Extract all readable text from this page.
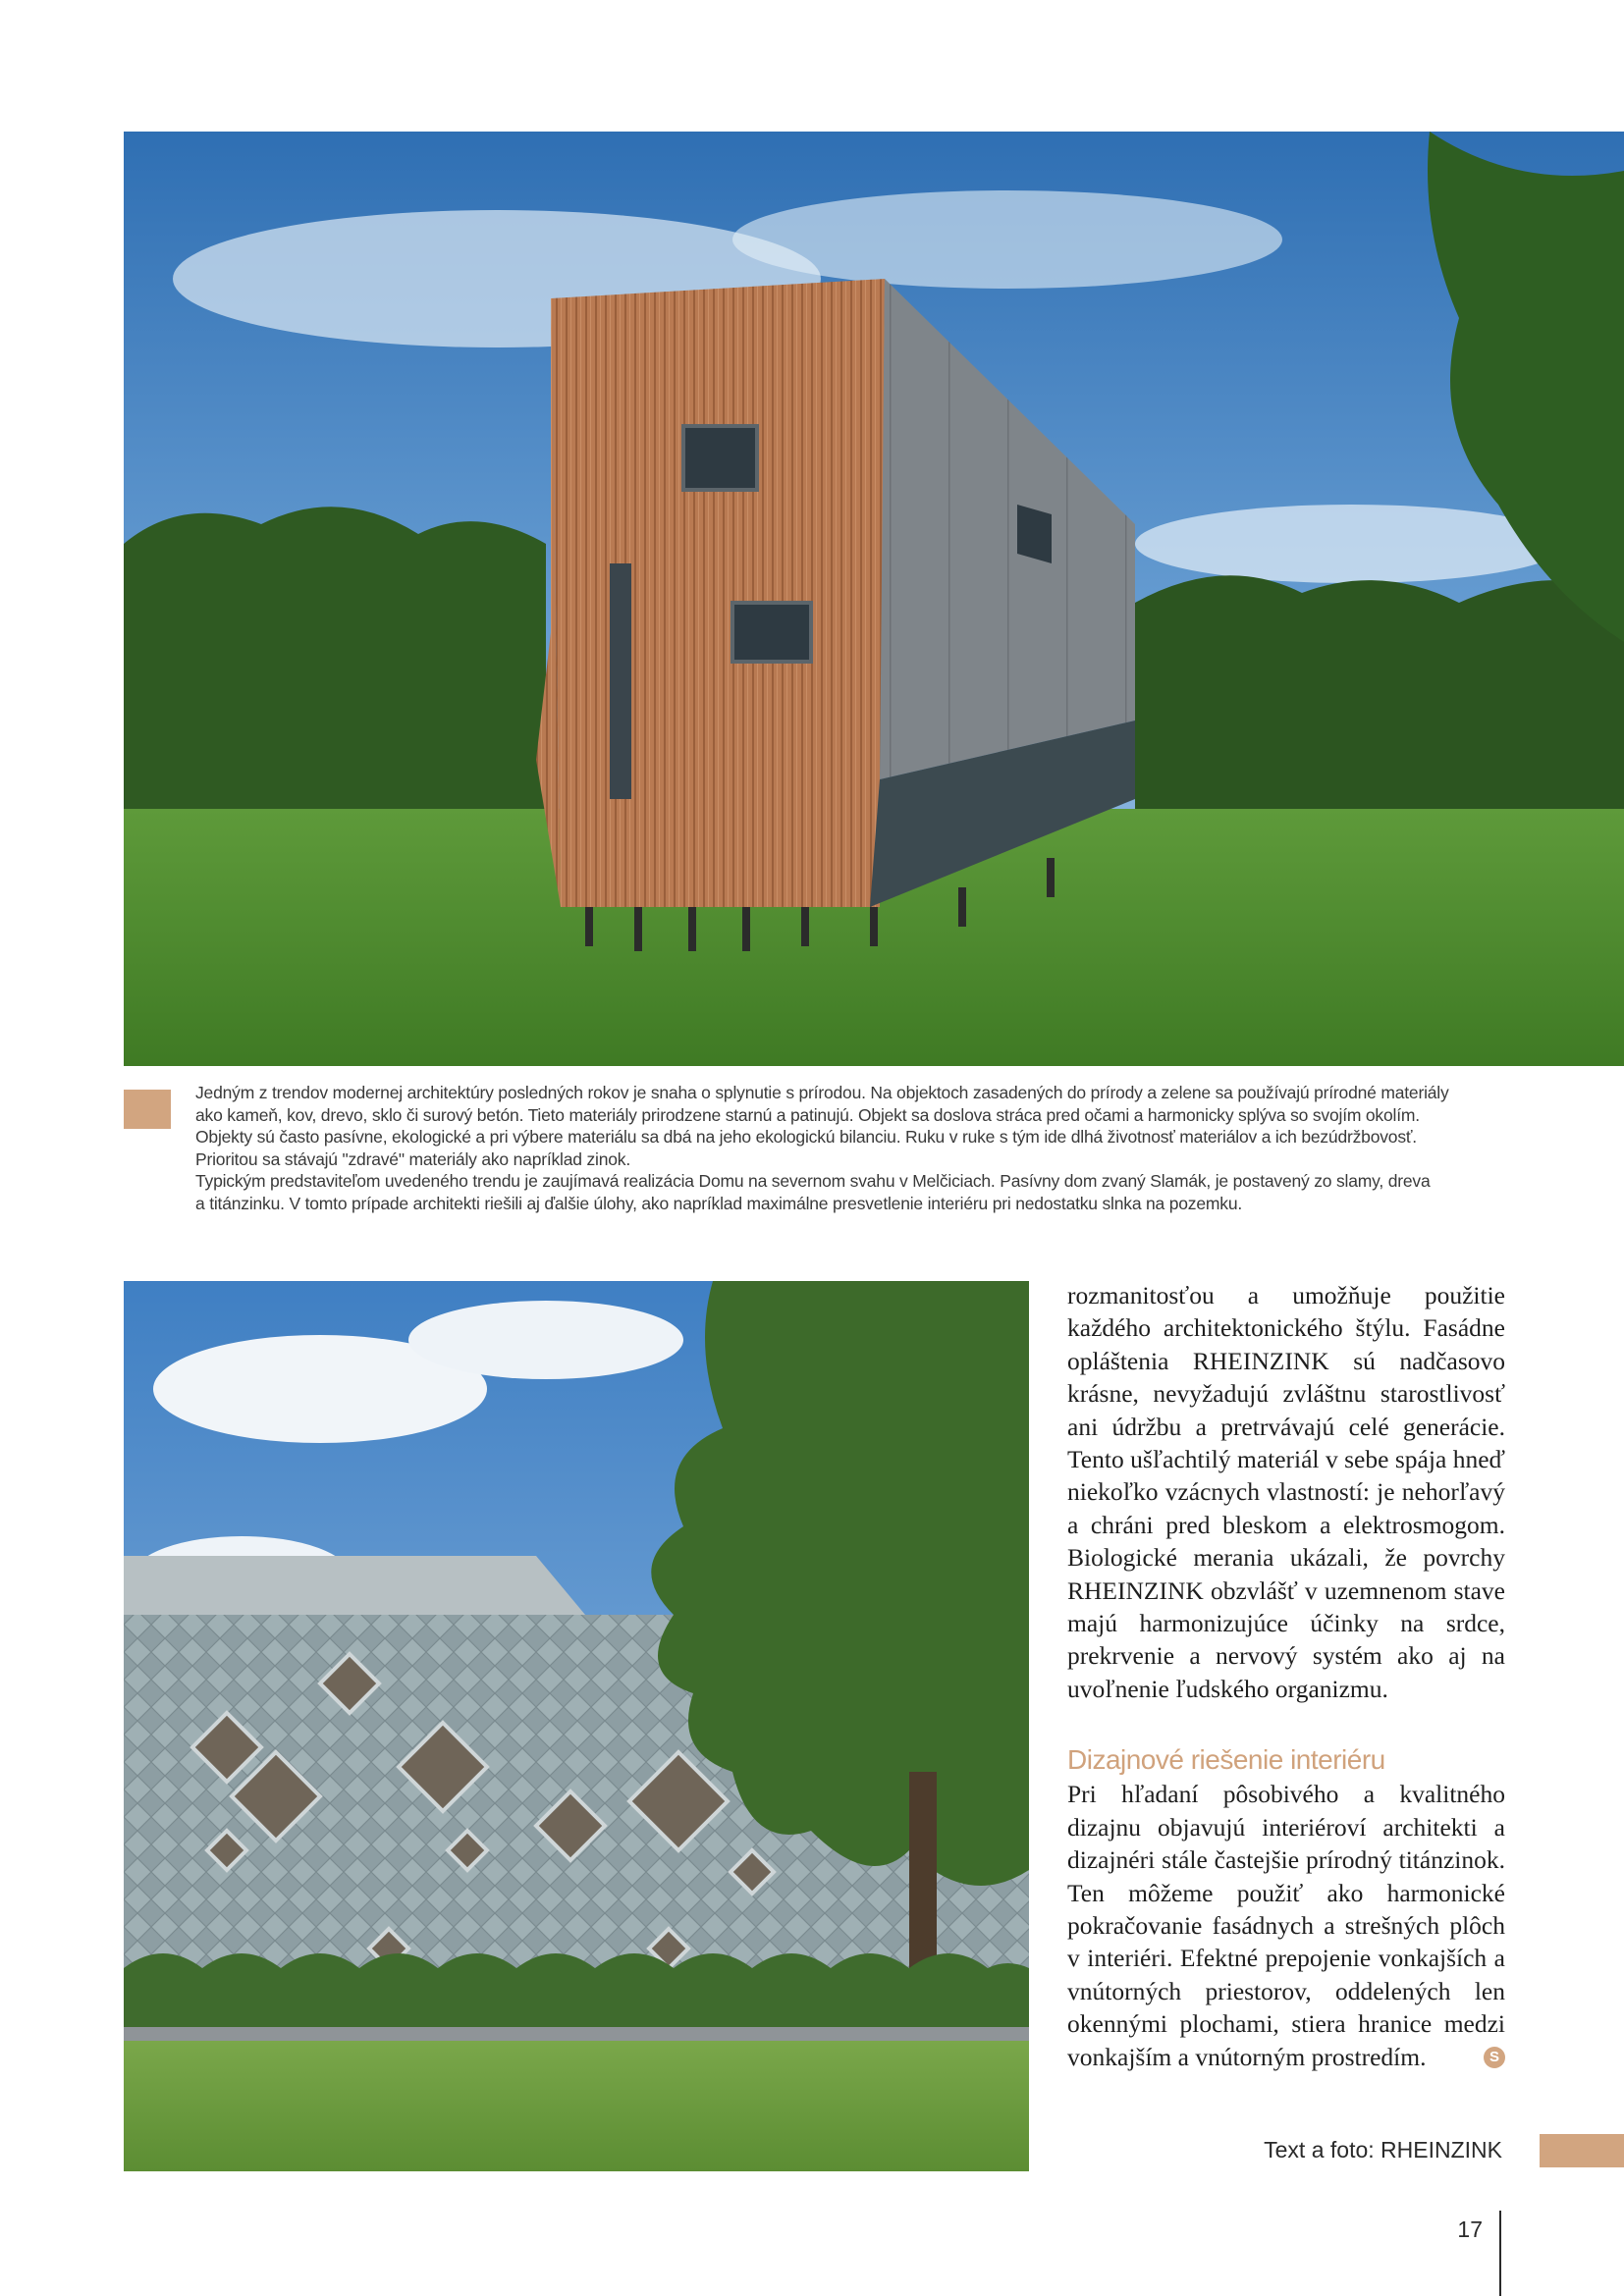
Jedným z trendov modernej architektúry posledných rokov je snaha o splynutie s prírodou. Na objektoch zasadených do prírody a zelene sa používajú prírodné materiály

ako kameň, kov, drevo, sklo či surový betón. Tieto materiály prirodzene starnú a patinujú. Objekt sa doslova stráca pred očami a harmonicky splýva so svojím okolím.

Objekty sú často pasívne, ekologické a pri výbere materiálu sa dbá na jeho ekologickú bilanciu. Ruku v ruke s tým ide dlhá životnosť materiálov a ich bezúdržbovosť.

Prioritou sa stávajú "zdravé" materiály ako napríklad zinok.

Typickým predstaviteľom uvedeného trendu je zaujímavá realizácia Domu na severnom svahu v Melčiciach. Pasívny dom zvaný Slamák, je postavený zo slamy, dreva

a titánzinku. V tomto prípade architekti riešili aj ďalšie úlohy, ako napríklad maximálne presvetlenie interiéru pri nedostatku slnka na pozemku.

rozmanitosťou a umožňuje použitie každého architektonického štýlu. Fasádne opláštenia RHEINZINK sú nadčasovo krásne, nevyžadujú zvláštnu starostlivosť ani údržbu a pretrvávajú celé generácie. Tento ušľachtilý materiál v sebe spája hneď niekoľko vzácnych vlastností: je nehorľavý a chráni pred bleskom a elektrosmogom. Biologické merania ukázali, že povrchy RHEINZINK obzvlášť v uzemnenom stave majú harmonizujúce účinky na srdce, prekrvenie a nervový systém ako aj na uvoľnenie ľudského organizmu.

Dizajnové riešenie interiéru

Pri hľadaní pôsobivého a kvalitného dizajnu objavujú interiéroví architekti a dizajnéri stále častejšie prírodný titánzinok. Ten môžeme použiť ako harmonické pokračovanie fasádnych a strešných plôch v interiéri. Efektné prepojenie vonkajších a vnútorných priestorov, oddelených len okennými plochami, stiera hranice medzi vonkajším a vnútorným prostredím.	S

Text a foto: RHEINZINK
17
